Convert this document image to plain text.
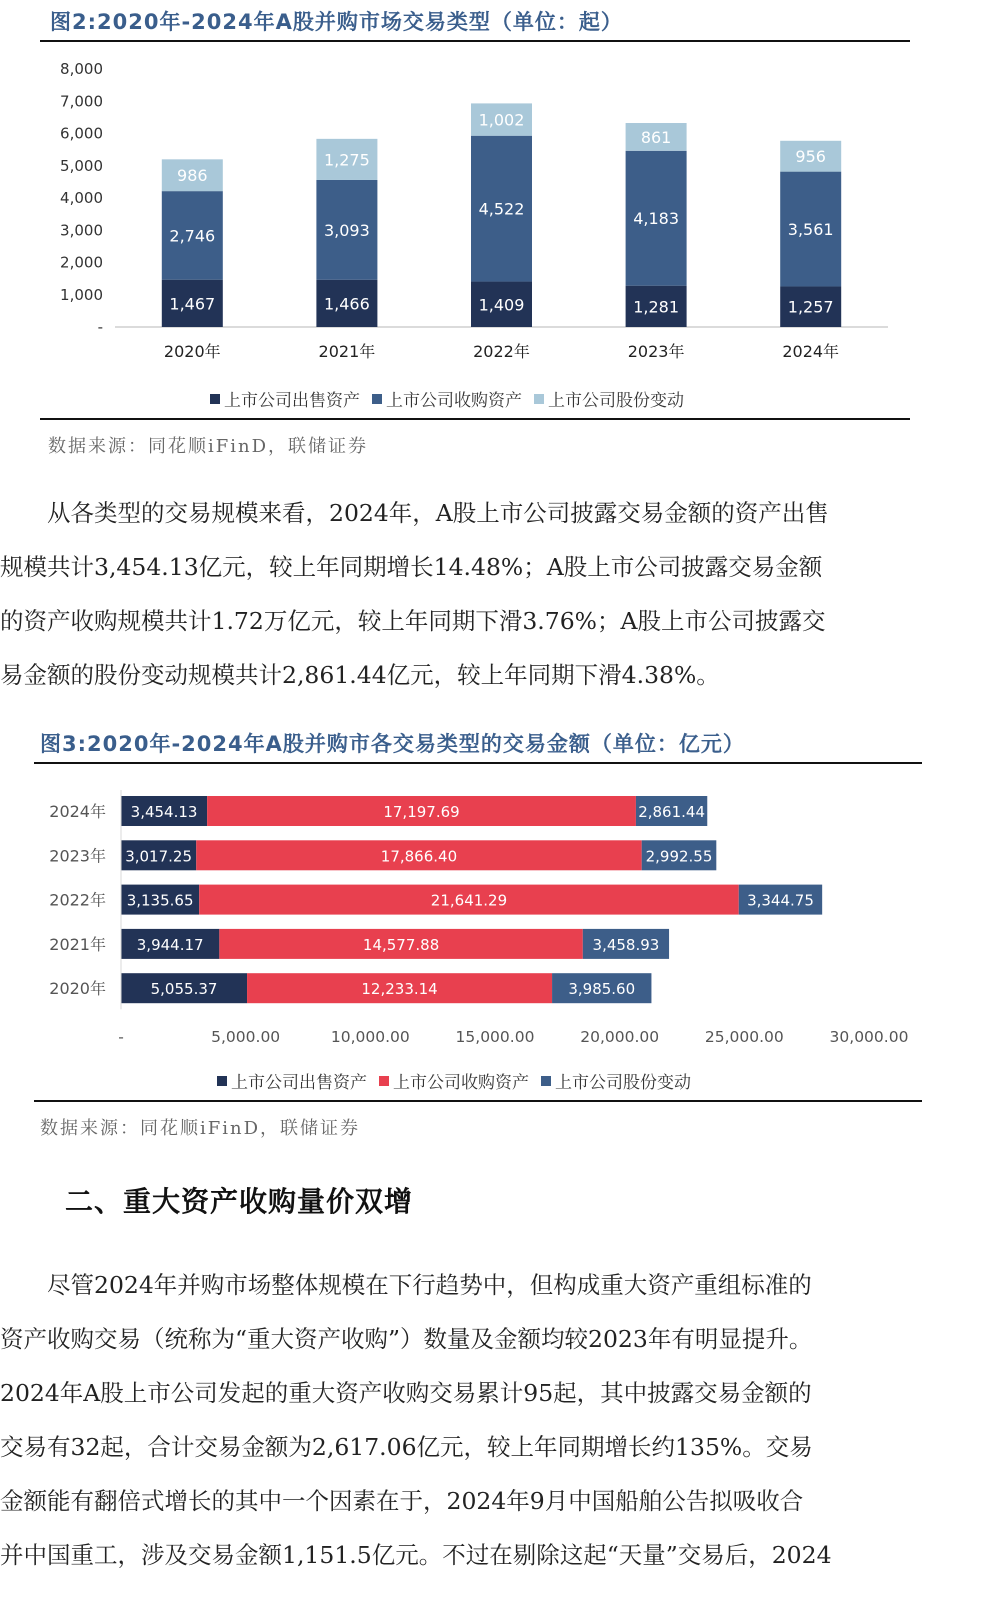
图2:2020年-2024年A股并购市场交易类型（单位：起）
-
1,000
2,000
3,000
4,000
5,000
6,000
7,000
8,000
1,467
2,746
986
2020年
1,466
3,093
1,275
2021年
1,409
4,522
1,002
2022年
1,281
4,183
861
2023年
1,257
3,561
956
2024年
上市公司出售资产 上市公司收购资产 上市公司股份变动
数据来源：同花顺iFinD，联储证券

　　从各类型的交易规模来看，2024年，A股上市公司披露交易金额的资产出售

规模共计3,454.13亿元，较上年同期增长14.48%；A股上市公司披露交易金额

的资产收购规模共计1.72万亿元，较上年同期下滑3.76%；A股上市公司披露交

易金额的股份变动规模共计2,861.44亿元，较上年同期下滑4.38%。

图3:2020年-2024年A股并购市各交易类型的交易金额（单位：亿元）
2024年 3,454.13	17,197.69	2,861.44
2023年 3,017.25	17,866.40	2,992.55
2022年 3,135.65	21,641.29	3,344.75
2021年 3,944.17	14,577.88	3,458.93
2020年	5,055.37	12,233.14	3,985.60
-	5,000.00	10,000.00	15,000.00	20,000.00	25,000.00	30,000.00
上市公司出售资产 上市公司收购资产 上市公司股份变动
数据来源：同花顺iFinD，联储证券
二、重大资产收购量价双增

　　尽管2024年并购市场整体规模在下行趋势中，但构成重大资产重组标准的

资产收购交易（统称为“重大资产收购”）数量及金额均较2023年有明显提升。

2024年A股上市公司发起的重大资产收购交易累计95起，其中披露交易金额的

交易有32起，合计交易金额为2,617.06亿元，较上年同期增长约135%。交易

金额能有翻倍式增长的其中一个因素在于，2024年9月中国船舶公告拟吸收合

并中国重工，涉及交易金额1,151.5亿元。不过在剔除这起“天量”交易后，2024
